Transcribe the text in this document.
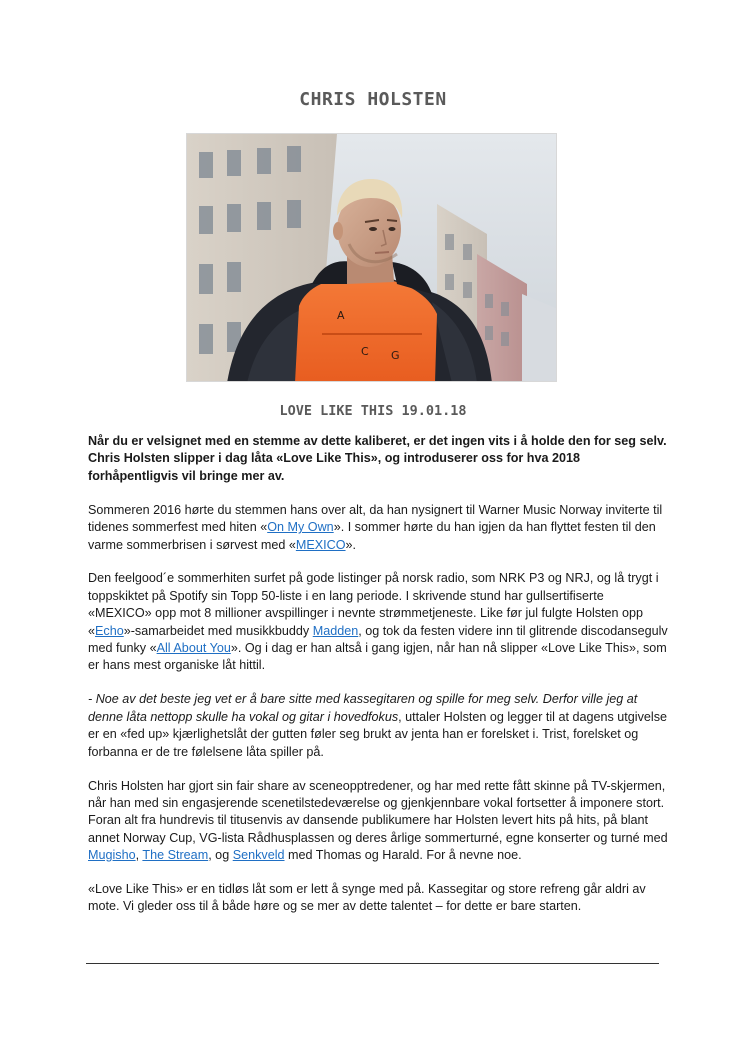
CHRIS HOLSTEN
A
C G
LOVE LIKE THIS 19.01.18

Når du er velsignet med en stemme av dette kaliberet, er det ingen vits i å holde den for seg selv. Chris Holsten slipper i dag låta «Love Like This», og introduserer oss for hva 2018 forhåpentligvis vil bringe mer av.

Sommeren 2016 hørte du stemmen hans over alt, da han nysignert til Warner Music Norway inviterte til tidenes sommerfest med hiten «On My Own». I sommer hørte du han igjen da han flyttet festen til den varme sommerbrisen i sørvest med «MEXICO».

Den feelgood´e sommerhiten surfet på gode listinger på norsk radio, som NRK P3 og NRJ, og lå trygt i toppskiktet på Spotify sin Topp 50-liste i en lang periode. I skrivende stund har gullsertifiserte «MEXICO» opp mot 8 millioner avspillinger i nevnte strømmetjeneste. Like før jul fulgte Holsten opp «Echo»-samarbeidet med musikkbuddy Madden, og tok da festen videre inn til glitrende discodansegulv med funky «All About You». Og i dag er han altså i gang igjen, når han nå slipper «Love Like This», som er hans mest organiske låt hittil.

- Noe av det beste jeg vet er å bare sitte med kassegitaren og spille for meg selv. Derfor ville jeg at denne låta nettopp skulle ha vokal og gitar i hovedfokus, uttaler Holsten og legger til at dagens utgivelse er en «fed up» kjærlighetslåt der gutten føler seg brukt av jenta han er forelsket i. Trist, forelsket og forbanna er de tre følelsene låta spiller på.

Chris Holsten har gjort sin fair share av sceneopptredener, og har med rette fått skinne på TV-skjermen, når han med sin engasjerende scenetilstedeværelse og gjenkjennbare vokal fortsetter å imponere stort. Foran alt fra hundrevis til titusenvis av dansende publikumere har Holsten levert hits på hits, på blant annet Norway Cup, VG-lista Rådhusplassen og deres årlige sommerturné, egne konserter og turné med Mugisho, The Stream, og Senkveld med Thomas og Harald. For å nevne noe.

«Love Like This» er en tidløs låt som er lett å synge med på. Kassegitar og store refreng går aldri av mote. Vi gleder oss til å både høre og se mer av dette talentet – for dette er bare starten.
